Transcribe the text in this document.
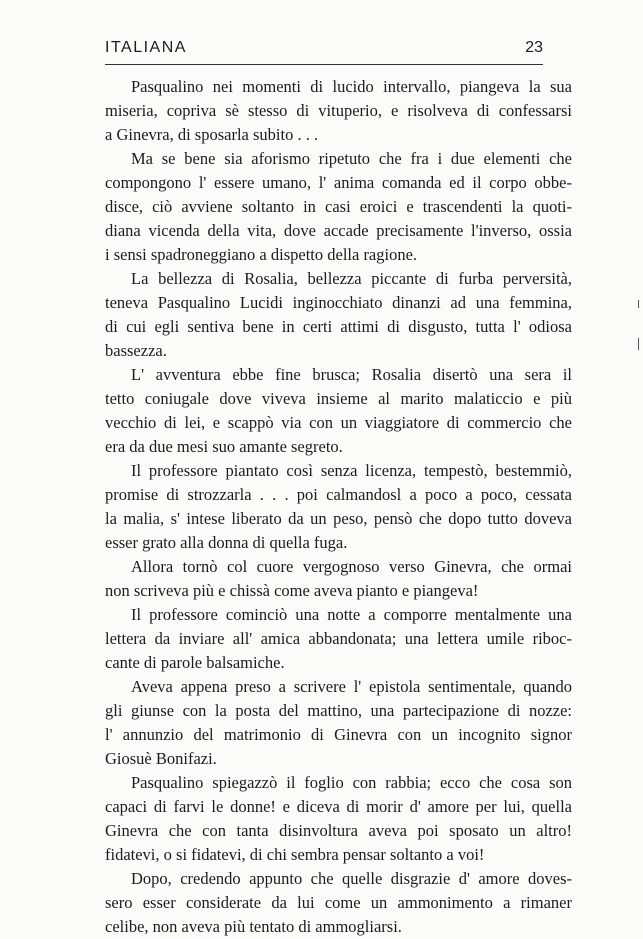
ITALIANA	23
Pasqualino nei momenti di lucido intervallo, piangeva la sua
miseria, copriva sè stesso di vituperio, e risolveva di confessarsi
a Ginevra, di sposarla subito . . .
Ma se bene sia aforismo ripetuto che fra i due elementi che
compongono l' essere umano, l' anima comanda ed il corpo obbe-
disce, ciò avviene soltanto in casi eroici e trascendenti la quoti-
diana vicenda della vita, dove accade precisamente l'inverso, ossia
i sensi spadroneggiano a dispetto della ragione.
La bellezza di Rosalia, bellezza piccante di furba perversità,
teneva Pasqualino Lucidi inginocchiato dinanzi ad una femmina,
di cui egli sentiva bene in certi attimi di disgusto, tutta l' odiosa
bassezza.
L' avventura ebbe fine brusca; Rosalia disertò una sera il
tetto coniugale dove viveva insieme al marito malaticcio e più
vecchio di lei, e scappò via con un viaggiatore di commercio che
era da due mesi suo amante segreto.
Il professore piantato così senza licenza, tempestò, bestemmiò,
promise di strozzarla . . . poi calmandosl a poco a poco, cessata
la malia, s' intese liberato da un peso, pensò che dopo tutto doveva
esser grato alla donna di quella fuga.
Allora tornò col cuore vergognoso verso Ginevra, che ormai
non scriveva più e chissà come aveva pianto e piangeva!
Il professore cominciò una notte a comporre mentalmente una
lettera da inviare all' amica abbandonata; una lettera umile riboc-
cante di parole balsamiche.
Aveva appena preso a scrivere l' epistola sentimentale, quando
gli giunse con la posta del mattino, una partecipazione di nozze:
l' annunzio del matrimonio di Ginevra con un incognito signor
Giosuè Bonifazi.
Pasqualino spiegazzò il foglio con rabbia; ecco che cosa son
capaci di farvi le donne! e diceva di morir d' amore per lui, quella
Ginevra che con tanta disinvoltura aveva poi sposato un altro!
fidatevi, o si fidatevi, di chi sembra pensar soltanto a voi!
Dopo, credendo appunto che quelle disgrazie d' amore doves-
sero esser considerate da lui come un ammonimento a rimaner
celibe, non aveva più tentato di ammogliarsi.
